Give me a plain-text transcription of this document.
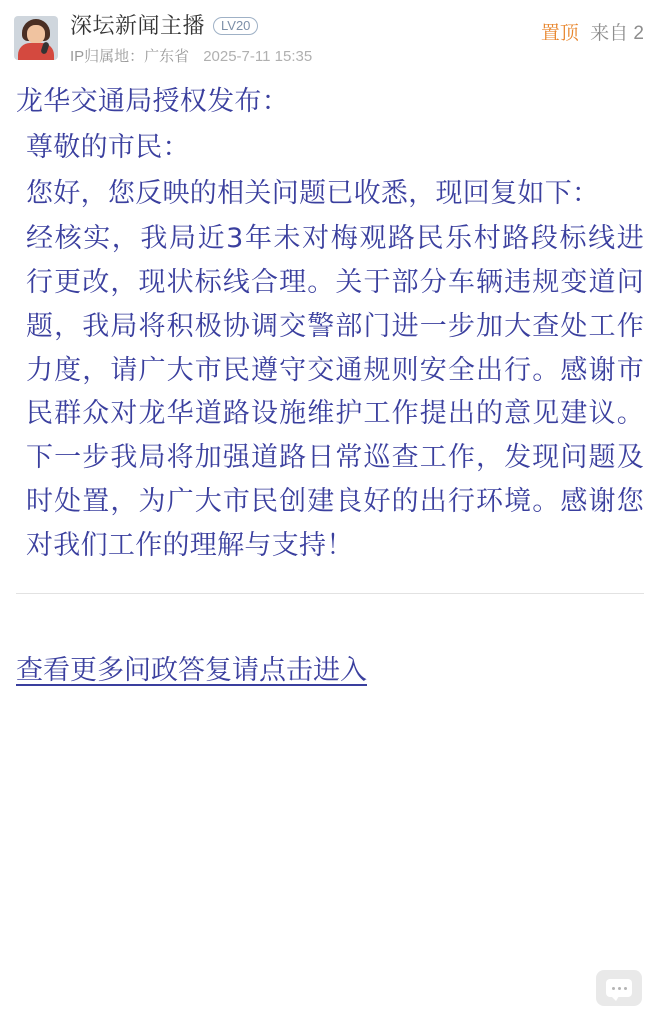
深坛新闻主播	LV20
IP归属地：广东省 2025-7-11 15:35
置顶 来自 2

龙华交通局授权发布：

尊敬的市民：

您好，您反映的相关问题已收悉，现回复如下：

经核实，我局近3年未对梅观路民乐村路段标线进行更改，现状标线合理。关于部分车辆违规变道问题，我局将积极协调交警部门进一步加大查处工作力度，请广大市民遵守交通规则安全出行。感谢市民群众对龙华道路设施维护工作提出的意见建议。下一步我局将加强道路日常巡查工作，发现问题及时处置，为广大市民创建良好的出行环境。感谢您对我们工作的理解与支持！

查看更多问政答复请点击进入
